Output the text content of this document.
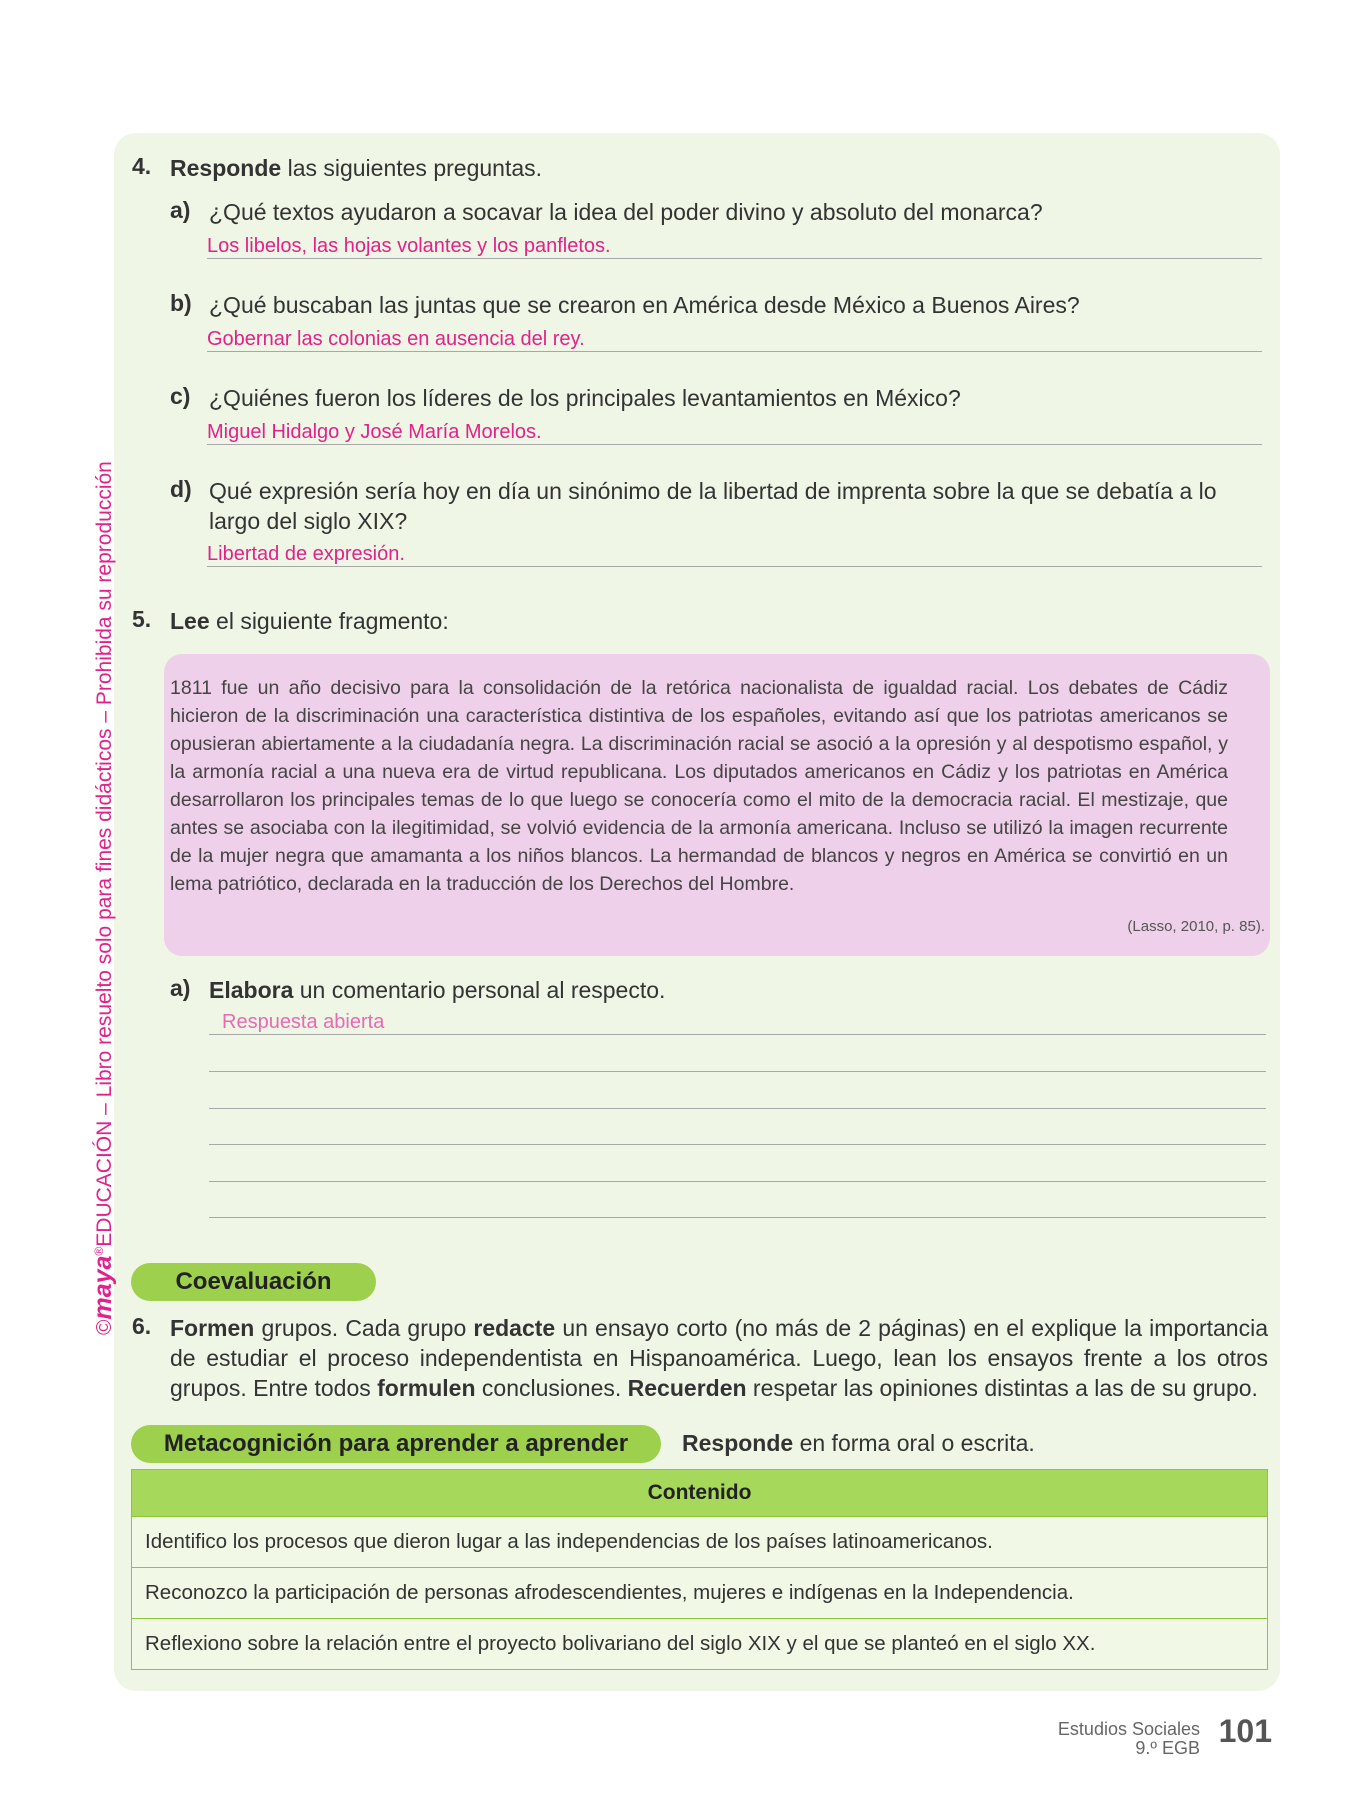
©maya®EDUCACIÓN – Libro resuelto solo para fines didácticos – Prohibida su reproducción
4. Responde las siguientes preguntas.
a) ¿Qué textos ayudaron a socavar la idea del poder divino y absoluto del monarca?
Los libelos, las hojas volantes y los panfletos.
b) ¿Qué buscaban las juntas que se crearon en América desde México a Buenos Aires?
Gobernar las colonias en ausencia del rey.
c) ¿Quiénes fueron los líderes de los principales levantamientos en México?
Miguel Hidalgo y José María Morelos.
d) Qué expresión sería hoy en día un sinónimo de la libertad de imprenta sobre la que se debatía a lo largo del siglo XIX?
Libertad de expresión.
5. Lee el siguiente fragmento:
1811 fue un año decisivo para la consolidación de la retórica nacionalista de igualdad racial. Los debates de Cádiz hicieron de la discriminación una característica distintiva de los españoles, evitando así que los patriotas americanos se opusieran abiertamente a la ciudadanía negra. La discriminación racial se asoció a la opresión y al despotismo español, y la armonía racial a una nueva era de virtud republicana. Los diputados americanos en Cádiz y los patriotas en América desarrollaron los principales temas de lo que luego se conocería como el mito de la democracia racial. El mestizaje, que antes se asociaba con la ilegitimidad, se volvió evidencia de la armonía americana. Incluso se utilizó la imagen recurrente de la mujer negra que amamanta a los niños blancos. La hermandad de blancos y negros en América se convirtió en un lema patriótico, declarada en la traducción de los Derechos del Hombre.
(Lasso, 2010, p. 85).
a) Elabora un comentario personal al respecto.
Respuesta abierta
Coevaluación
6. Formen grupos. Cada grupo redacte un ensayo corto (no más de 2 páginas) en el explique la importancia de estudiar el proceso independentista en Hispanoamérica. Luego, lean los ensayos frente a los otros grupos. Entre todos formulen conclusiones. Recuerden respetar las opiniones distintas a las de su grupo.
Metacognición para aprender a aprender	Responde en forma oral o escrita.
Contenido
Identifico los procesos que dieron lugar a las independencias de los países latinoamericanos.
Reconozco la participación de personas afrodescendientes, mujeres e indígenas en la Independencia.
Reflexiono sobre la relación entre el proyecto bolivariano del siglo XIX y el que se planteó en el siglo XX.
Estudios Sociales
9.º EGB 101
